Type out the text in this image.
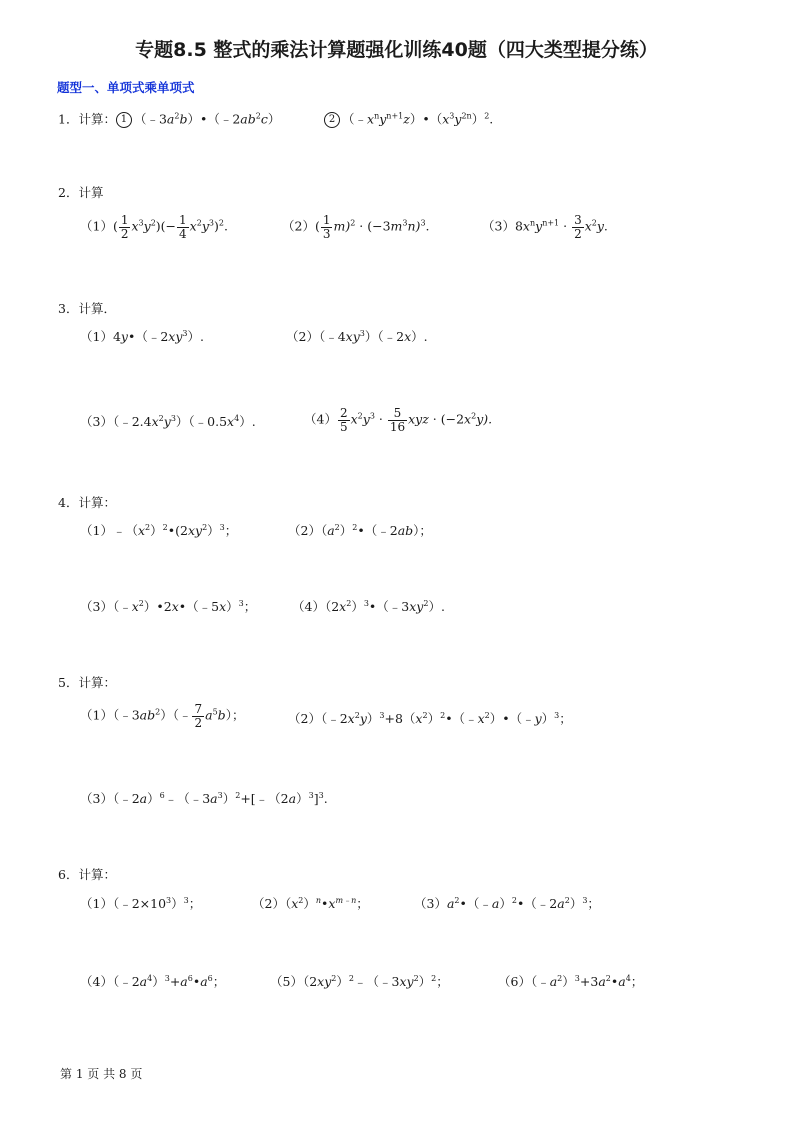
专题8.5 整式的乘法计算题强化训练40题（四大类型提分练）
题型一、单项式乘单项式
1．计算： 1 $(﹣3a^2b)•(﹣2ab^2c)$	2 $(﹣x^ny^{n+1}z)•(x^3y^{2n})^2$.
2．计算
$(1)( \frac{1}{2} x^3y^2)(- \frac{1}{4} x^2y^3)^2$.	$(2)( \frac{1}{3} m)^2 \cdot (-3m^3n)^3$.	$(3)8x^ny^{n+1} \cdot \frac{3}{2} x^2y$.
3．计算．
$(1)4y•(﹣2xy^3)$.	$(2)(﹣4xy^3)(﹣2x)$.
$(3)(﹣2.4x^2y^3)(﹣0.5x^4)$.	$(4) \frac{2}{5} x^2y^3 \cdot \frac{5}{16}$ xyz · $(-2x^2y)$.
4．计算：
$(1)﹣(x^2)^2•(2xy^2)^3$；	$(2)(a^2)^2•(﹣2ab)$；
$(3)(﹣x^2)•2x•(﹣5x)^3$；	$(4)(2x^2)^3•(﹣3xy^2)$.
5．计算：
$(1)(﹣3ab^2)(﹣ \frac{7}{2} a^5b)$；	$(2)(﹣2x^2y)^3+8(x^2)^2•(﹣x^2)•(﹣y)^3$；
$(3)(﹣2a)^6﹣(﹣3a^3)^2+[﹣(2a)^3]^3$.
6．计算：
$(1)(﹣2\times 10^3)^3$；	$(2)(x^2)^n•x^{m﹣n}$；	$(3)a^2•(﹣a)^2•(﹣2a^2)^3$；
$(4)(﹣2a^4)^3+a^6•a^6$；	$(5)(2xy^2)^2﹣(﹣3xy^2)^2$；	$(6)(﹣a^2)^3+3a^2•a^4$；
第 1 页 共 8 页
